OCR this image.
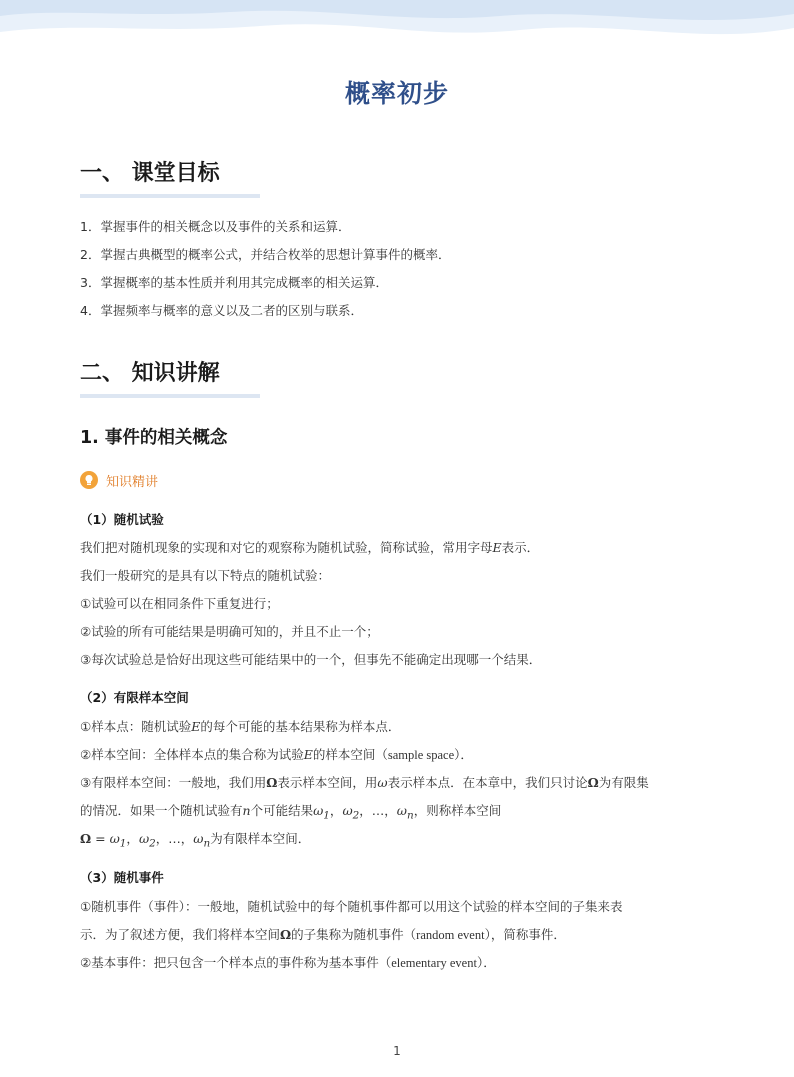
概率初步
一、 课堂目标
1．掌握事件的相关概念以及事件的关系和运算．
2．掌握古典概型的概率公式，并结合枚举的思想计算事件的概率．
3．掌握概率的基本性质并利用其完成概率的相关运算．
4．掌握频率与概率的意义以及二者的区别与联系．
二、 知识讲解
1. 事件的相关概念
知识精讲
（1）随机试验
我们把对随机现象的实现和对它的观察称为随机试验，简称试验，常用字母E表示．
我们一般研究的是具有以下特点的随机试验：
①试验可以在相同条件下重复进行；
②试验的所有可能结果是明确可知的，并且不止一个；
③每次试验总是恰好出现这些可能结果中的一个，但事先不能确定出现哪一个结果．
（2）有限样本空间
①样本点：随机试验E的每个可能的基本结果称为样本点．
②样本空间：全体样本点的集合称为试验E的样本空间（sample space）．
③有限样本空间：一般地，我们用Ω表示样本空间，用ω表示样本点．在本章中，我们只讨论Ω为有限集
的情况．如果一个随机试验有n个可能结果$\omega_1$，$\omega_2$，…，$\omega_n$，则称样本空间
$\Omega = \omega_1$，$\omega_2$，…，$\omega_n$为有限样本空间．
（3）随机事件
①随机事件（事件）：一般地，随机试验中的每个随机事件都可以用这个试验的样本空间的子集来表
示．为了叙述方便，我们将样本空间Ω的子集称为随机事件（random event），简称事件．
②基本事件：把只包含一个样本点的事件称为基本事件（elementary event）．
1
